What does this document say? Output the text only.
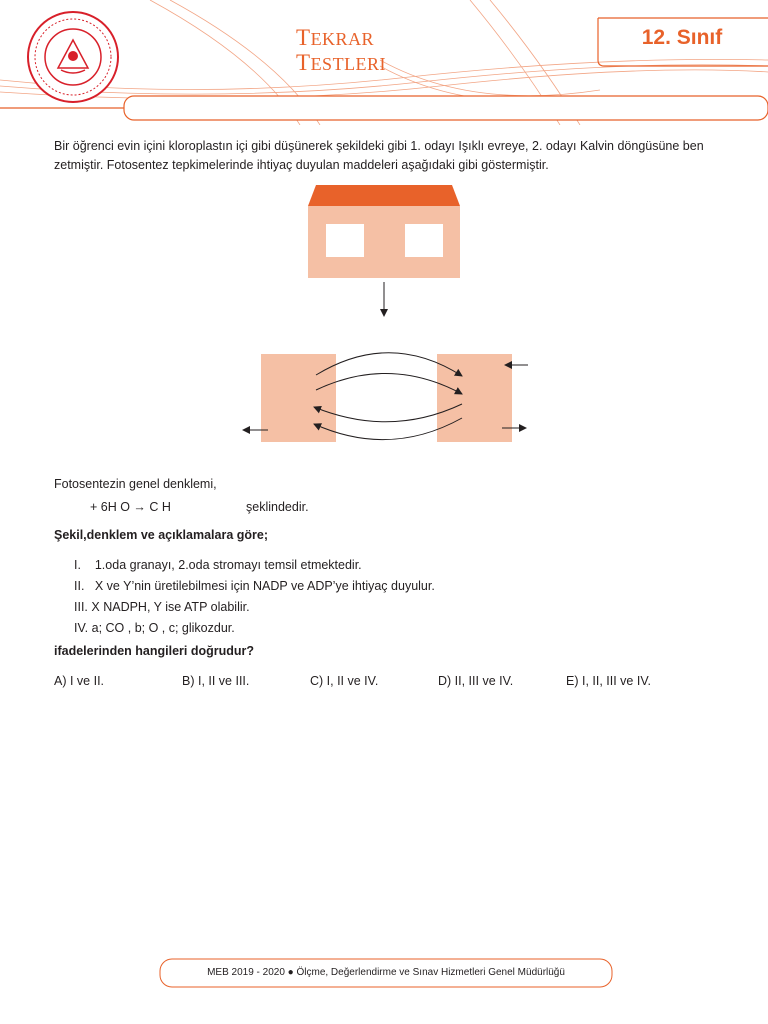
TEKRAR
TESTLERI
12. Sınıf
Bir öğrenci evin içini kloroplastın içi gibi düşünerek şekildeki gibi 1. odayı Işıklı evreye, 2. odayı Kalvin döngüsüne ben zetmiştir. Fotosentez tepkimelerinde ihtiyaç duyulan maddeleri aşağıdaki gibi göstermiştir.
Fotosentezin genel denklemi,
+ 6H O → C H	şeklindedir.
Şekil,denklem ve açıklamalara göre;
I. 1.oda granayı, 2.oda stromayı temsil etmektedir.
II. X ve Y’nin üretilebilmesi için NADP ve ADP’ye ihtiyaç duyulur.
III. X NADPH, Y ise ATP olabilir.
IV. a; CO , b; O , c; glikozdur.
ifadelerinden hangileri doğrudur?
A) I ve II.	B) I, II ve III.	C) I, II ve IV.	D) II, III ve IV.	E) I, II, III ve IV.
MEB 2019 - 2020 ● Ölçme, Değerlendirme ve Sınav Hizmetleri Genel Müdürlüğü
